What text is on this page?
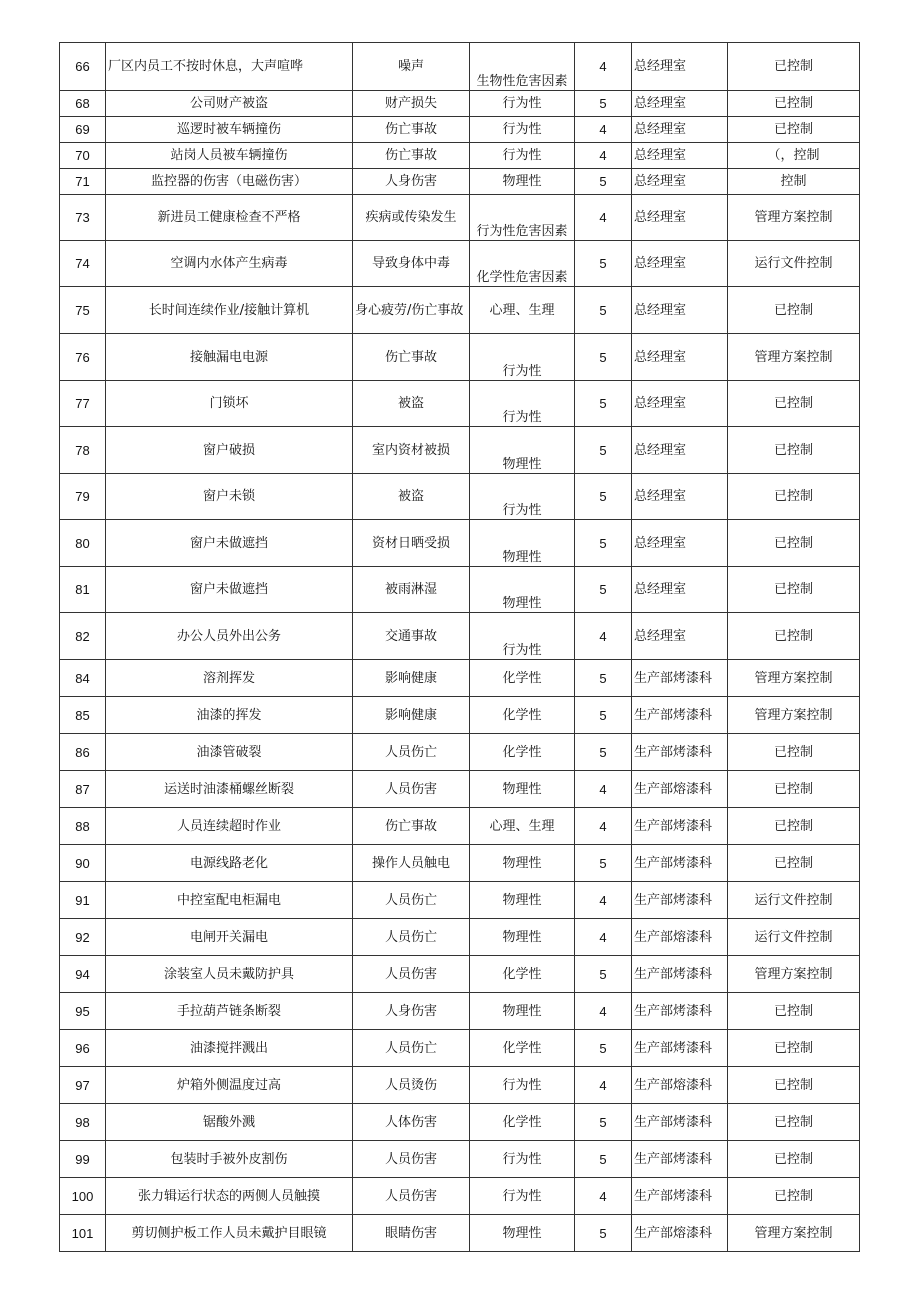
66	厂区内员工不按时休息，大声喧哗	噪声	生物性危害因素	4	总经理室	已控制

68	公司财产被盗	财产损失	行为性	5	总经理室	已控制

69	巡逻时被车辆撞伤	伤亡事故	行为性	4	总经理室	已控制

70	站岗人员被车辆撞伤	伤亡事故	行为性	4	总经理室	（，控制

71	监控器的伤害（电磁伤害）	人身伤害	物理性	5	总经理室	控制

73	新进员工健康检查不严格	疾病或传染发生	行为性危害因素	4	总经理室	管理方案控制

74	空调内水体产生病毒	导致身体中毒	化学性危害因素	5	总经理室	运行文件控制

75	长时间连续作业/接触计算机	身心疲劳/伤亡事故	心理、生理	5	总经理室	已控制

76	接触漏电电源	伤亡事故	行为性	5	总经理室	管理方案控制

77	门锁坏	被盗	行为性	5	总经理室	已控制

78	窗户破损	室内资材被损	物理性	5	总经理室	已控制

79	窗户未锁	被盗	行为性	5	总经理室	已控制

80	窗户未做遮挡	资材日晒受损	物理性	5	总经理室	已控制

81	窗户未做遮挡	被雨淋湿	物理性	5	总经理室	已控制

82	办公人员外出公务	交通事故	行为性	4	总经理室	已控制

84	溶剂挥发	影响健康	化学性	5	生产部烤漆科	管理方案控制

85	油漆的挥发	影响健康	化学性	5	生产部烤漆科	管理方案控制

86	油漆管破裂	人员伤亡	化学性	5	生产部烤漆科	已控制

87	运送时油漆桶螺丝断裂	人员伤害	物理性	4	生产部熔漆科	已控制

88	人员连续超时作业	伤亡事故	心理、生理	4	生产部烤漆科	已控制

90	电源线路老化	操作人员触电	物理性	5	生产部烤漆科	已控制

91	中控室配电柜漏电	人员伤亡	物理性	4	生产部烤漆科	运行文件控制

92	电闸开关漏电	人员伤亡	物理性	4	生产部熔漆科	运行文件控制

94	涂装室人员未戴防护具	人员伤害	化学性	5	生产部烤漆科	管理方案控制

95	手拉葫芦链条断裂	人身伤害	物理性	4	生产部烤漆科	已控制

96	油漆搅拌溅出	人员伤亡	化学性	5	生产部烤漆科	已控制

97	炉箱外侧温度过高	人员烫伤	行为性	4	生产部熔漆科	已控制

98	锯酸外溅	人体伤害	化学性	5	生产部烤漆科	已控制

99	包装时手被外皮割伤	人员伤害	行为性	5	生产部烤漆科	已控制

100	张力辑运行状态的两侧人员触摸	人员伤害	行为性	4	生产部烤漆科	已控制

101	剪切侧护板工作人员未戴护目眼镜	眼睛伤害	物理性	5	生产部熔漆科	管理方案控制
